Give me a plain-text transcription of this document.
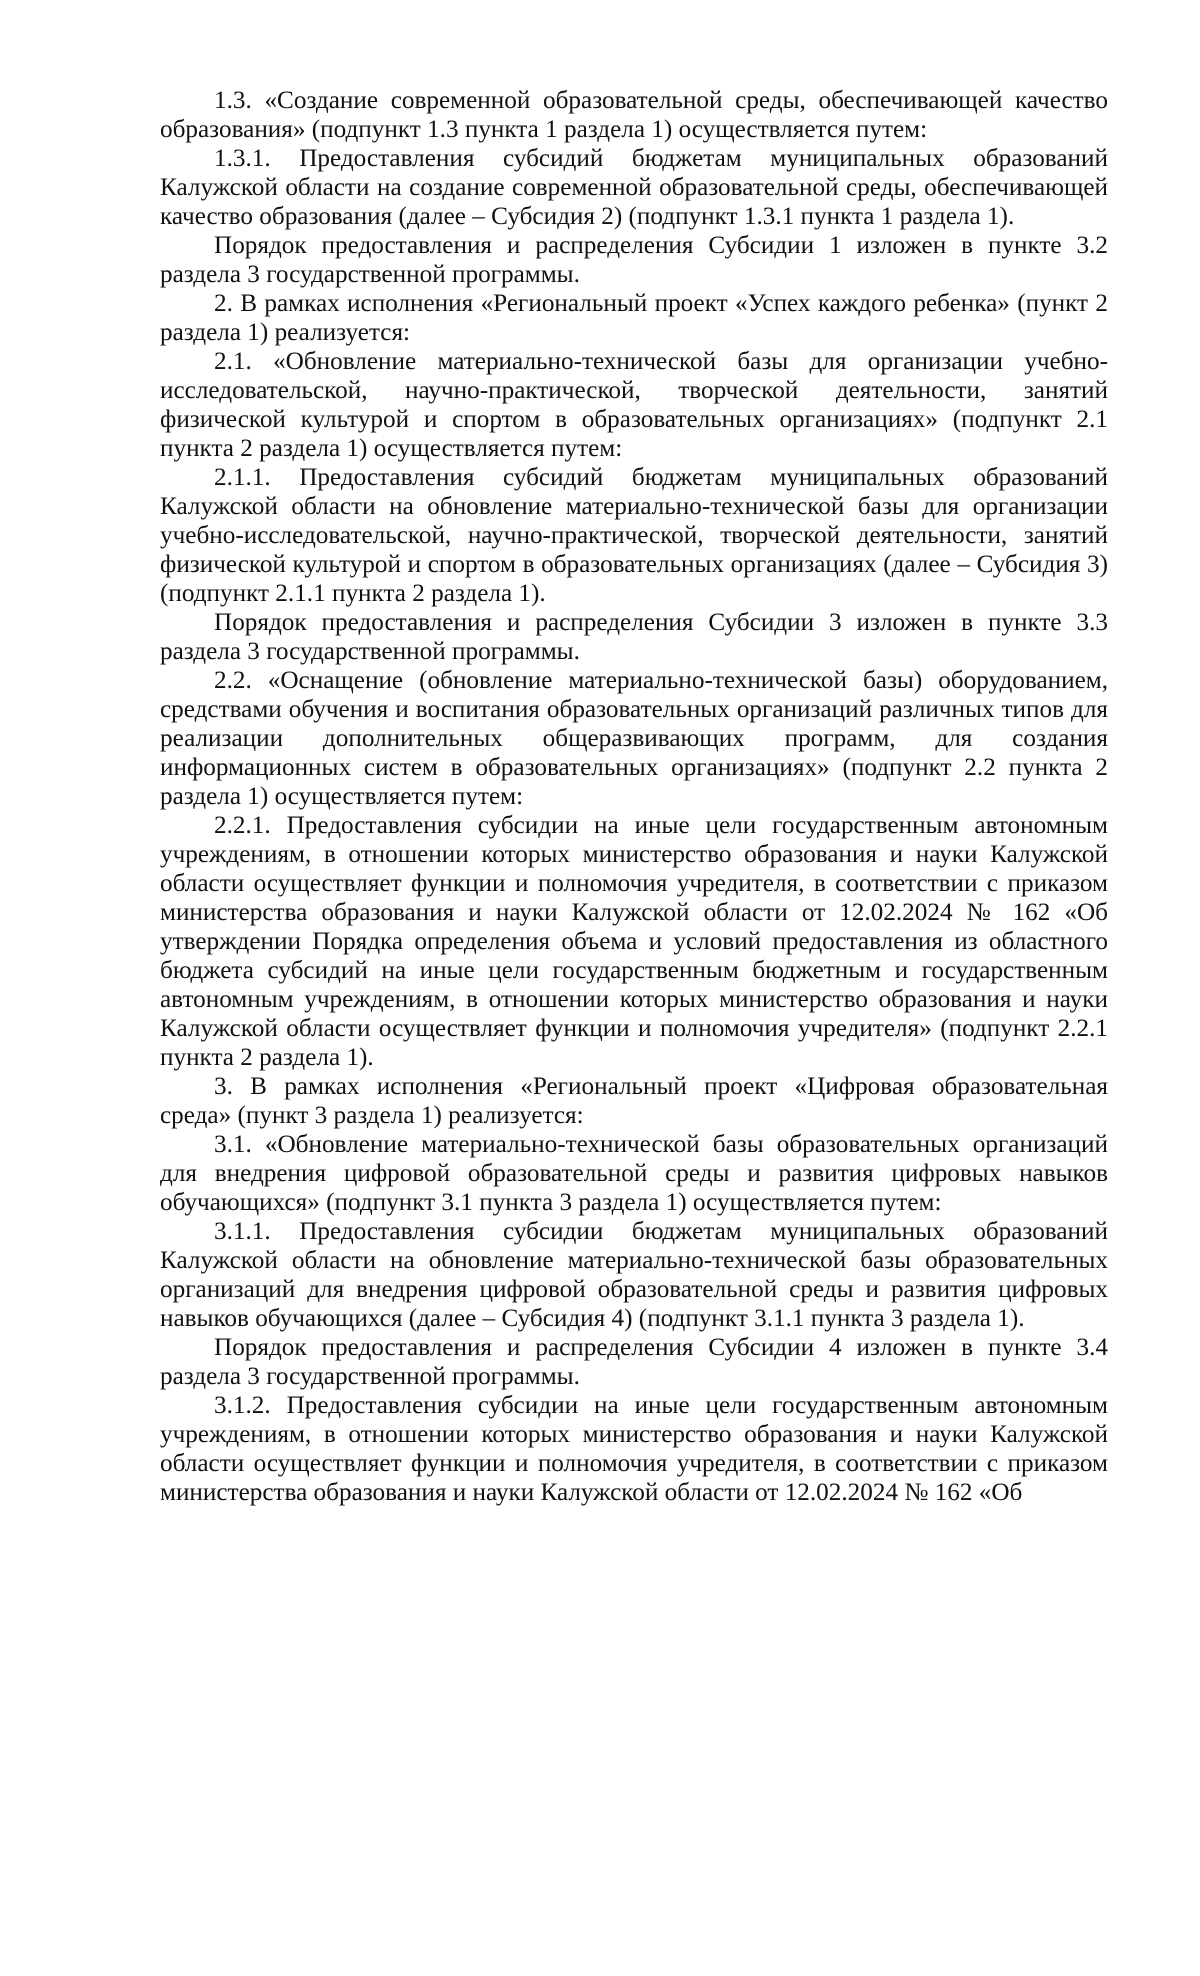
1.3. «Создание современной образовательной среды, обеспечивающей качество образования» (подпункт 1.3 пункта 1 раздела 1) осуществляется путем:

1.3.1. Предоставления субсидий бюджетам муниципальных образований Калужской области на создание современной образовательной среды, обеспечивающей качество образования (далее – Субсидия 2) (подпункт 1.3.1 пункта 1 раздела 1).

Порядок предоставления и распределения Субсидии 1 изложен в пункте 3.2 раздела 3 государственной программы.

2. В рамках исполнения «Региональный проект «Успех каждого ребенка» (пункт 2 раздела 1) реализуется:

2.1. «Обновление материально-технической базы для организации учебно-исследовательской, научно-практической, творческой деятельности, занятий физической культурой и спортом в образовательных организациях» (подпункт 2.1 пункта 2 раздела 1) осуществляется путем:

2.1.1. Предоставления субсидий бюджетам муниципальных образований Калужской области на обновление материально-технической базы для организации учебно-исследовательской, научно-практической, творческой деятельности, занятий физической культурой и спортом в образовательных организациях (далее – Субсидия 3) (подпункт 2.1.1 пункта 2 раздела 1).

Порядок предоставления и распределения Субсидии 3 изложен в пункте 3.3 раздела 3 государственной программы.

2.2. «Оснащение (обновление материально-технической базы) оборудованием, средствами обучения и воспитания образовательных организаций различных типов для реализации дополнительных общеразвивающих программ, для создания информационных систем в образовательных организациях» (подпункт 2.2 пункта 2 раздела 1) осуществляется путем:

2.2.1. Предоставления субсидии на иные цели государственным автономным учреждениям, в отношении которых министерство образования и науки Калужской области осуществляет функции и полномочия учредителя, в соответствии с приказом министерства образования и науки Калужской области от 12.02.2024 № 162 «Об утверждении Порядка определения объема и условий предоставления из областного бюджета субсидий на иные цели государственным бюджетным и государственным автономным учреждениям, в отношении которых министерство образования и науки Калужской области осуществляет функции и полномочия учредителя» (подпункт 2.2.1 пункта 2 раздела 1).

3. В рамках исполнения «Региональный проект «Цифровая образовательная среда» (пункт 3 раздела 1) реализуется:

3.1. «Обновление материально-технической базы образовательных организаций для внедрения цифровой образовательной среды и развития цифровых навыков обучающихся» (подпункт 3.1 пункта 3 раздела 1) осуществляется путем:

3.1.1. Предоставления субсидии бюджетам муниципальных образований Калужской области на обновление материально-технической базы образовательных организаций для внедрения цифровой образовательной среды и развития цифровых навыков обучающихся (далее – Субсидия 4) (подпункт 3.1.1 пункта 3 раздела 1).

Порядок предоставления и распределения Субсидии 4 изложен в пункте 3.4 раздела 3 государственной программы.

3.1.2. Предоставления субсидии на иные цели государственным автономным учреждениям, в отношении которых министерство образования и науки Калужской области осуществляет функции и полномочия учредителя, в соответствии с приказом министерства образования и науки Калужской области от 12.02.2024 № 162 «Об
